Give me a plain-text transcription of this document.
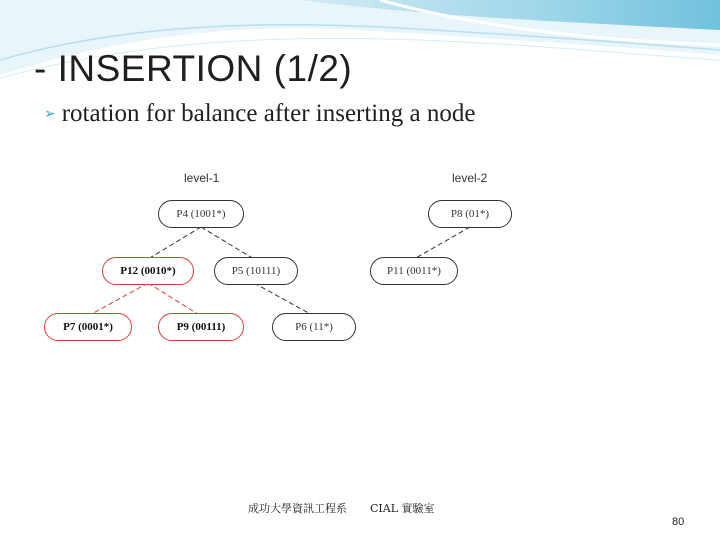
- INSERTION (1/2)
➢ rotation for balance after inserting a node
level-1	level-2
P4 (1001*)
P12 (0010*)	P5 (10111)
P7 (0001*)	P9 (00111)	P6 (11*)
P8 (01*)
P11 (0011*)
成功大學資訊工程系 CIAL 實驗室
80
